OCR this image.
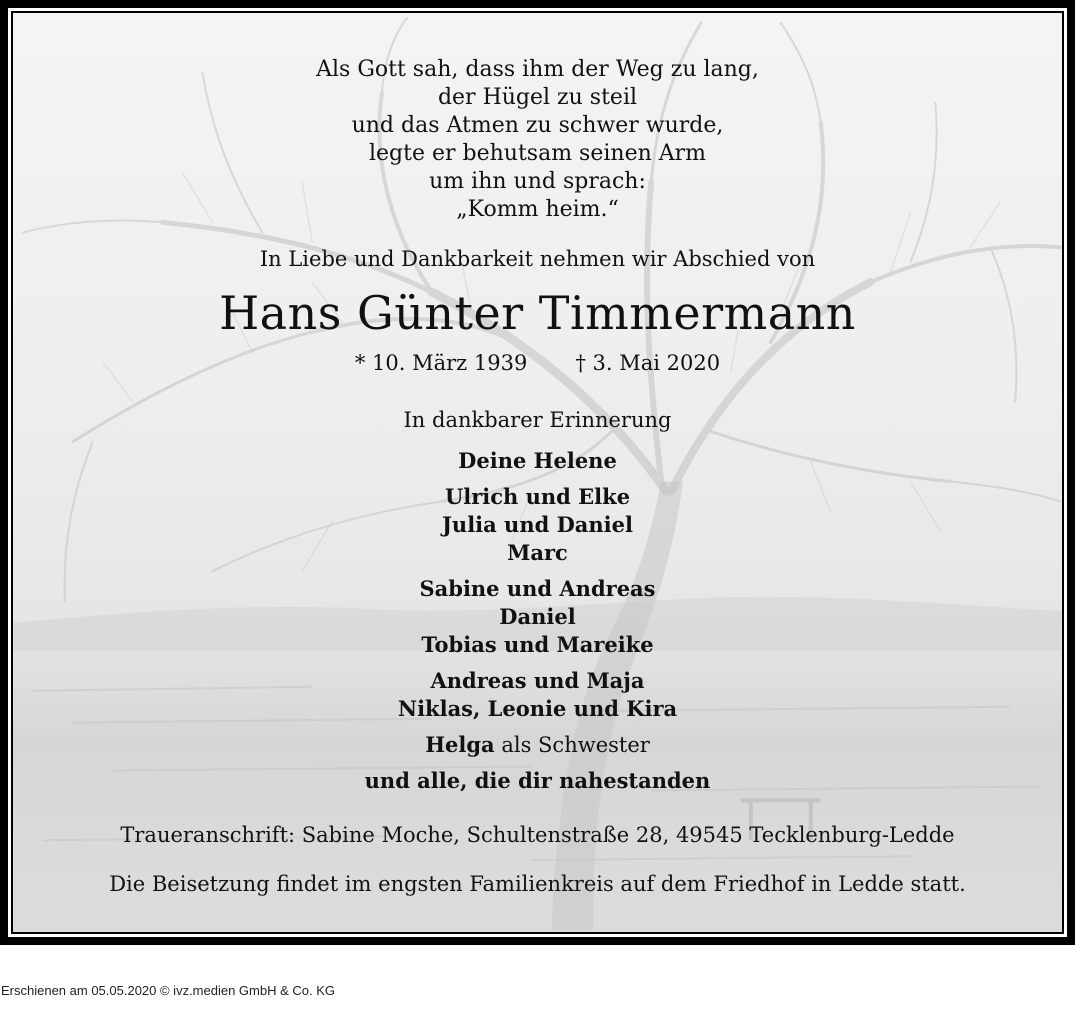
Als Gott sah, dass ihm der Weg zu lang,
der Hügel zu steil
und das Atmen zu schwer wurde,
legte er behutsam seinen Arm
um ihn und sprach:
„Komm heim.“
In Liebe und Dankbarkeit nehmen wir Abschied von
Hans Günter Timmermann
* 10. März 1939 † 3. Mai 2020
In dankbarer Erinnerung
Deine Helene
Ulrich und Elke
Julia und Daniel
Marc
Sabine und Andreas
Daniel
Tobias und Mareike
Andreas und Maja
Niklas, Leonie und Kira
Helga als Schwester
und alle, die dir nahestanden
Traueranschrift: Sabine Moche, Schultenstraße 28, 49545 Tecklenburg-Ledde
Die Beisetzung findet im engsten Familienkreis auf dem Friedhof in Ledde statt.
Erschienen am 05.05.2020 © ivz.medien GmbH & Co. KG
